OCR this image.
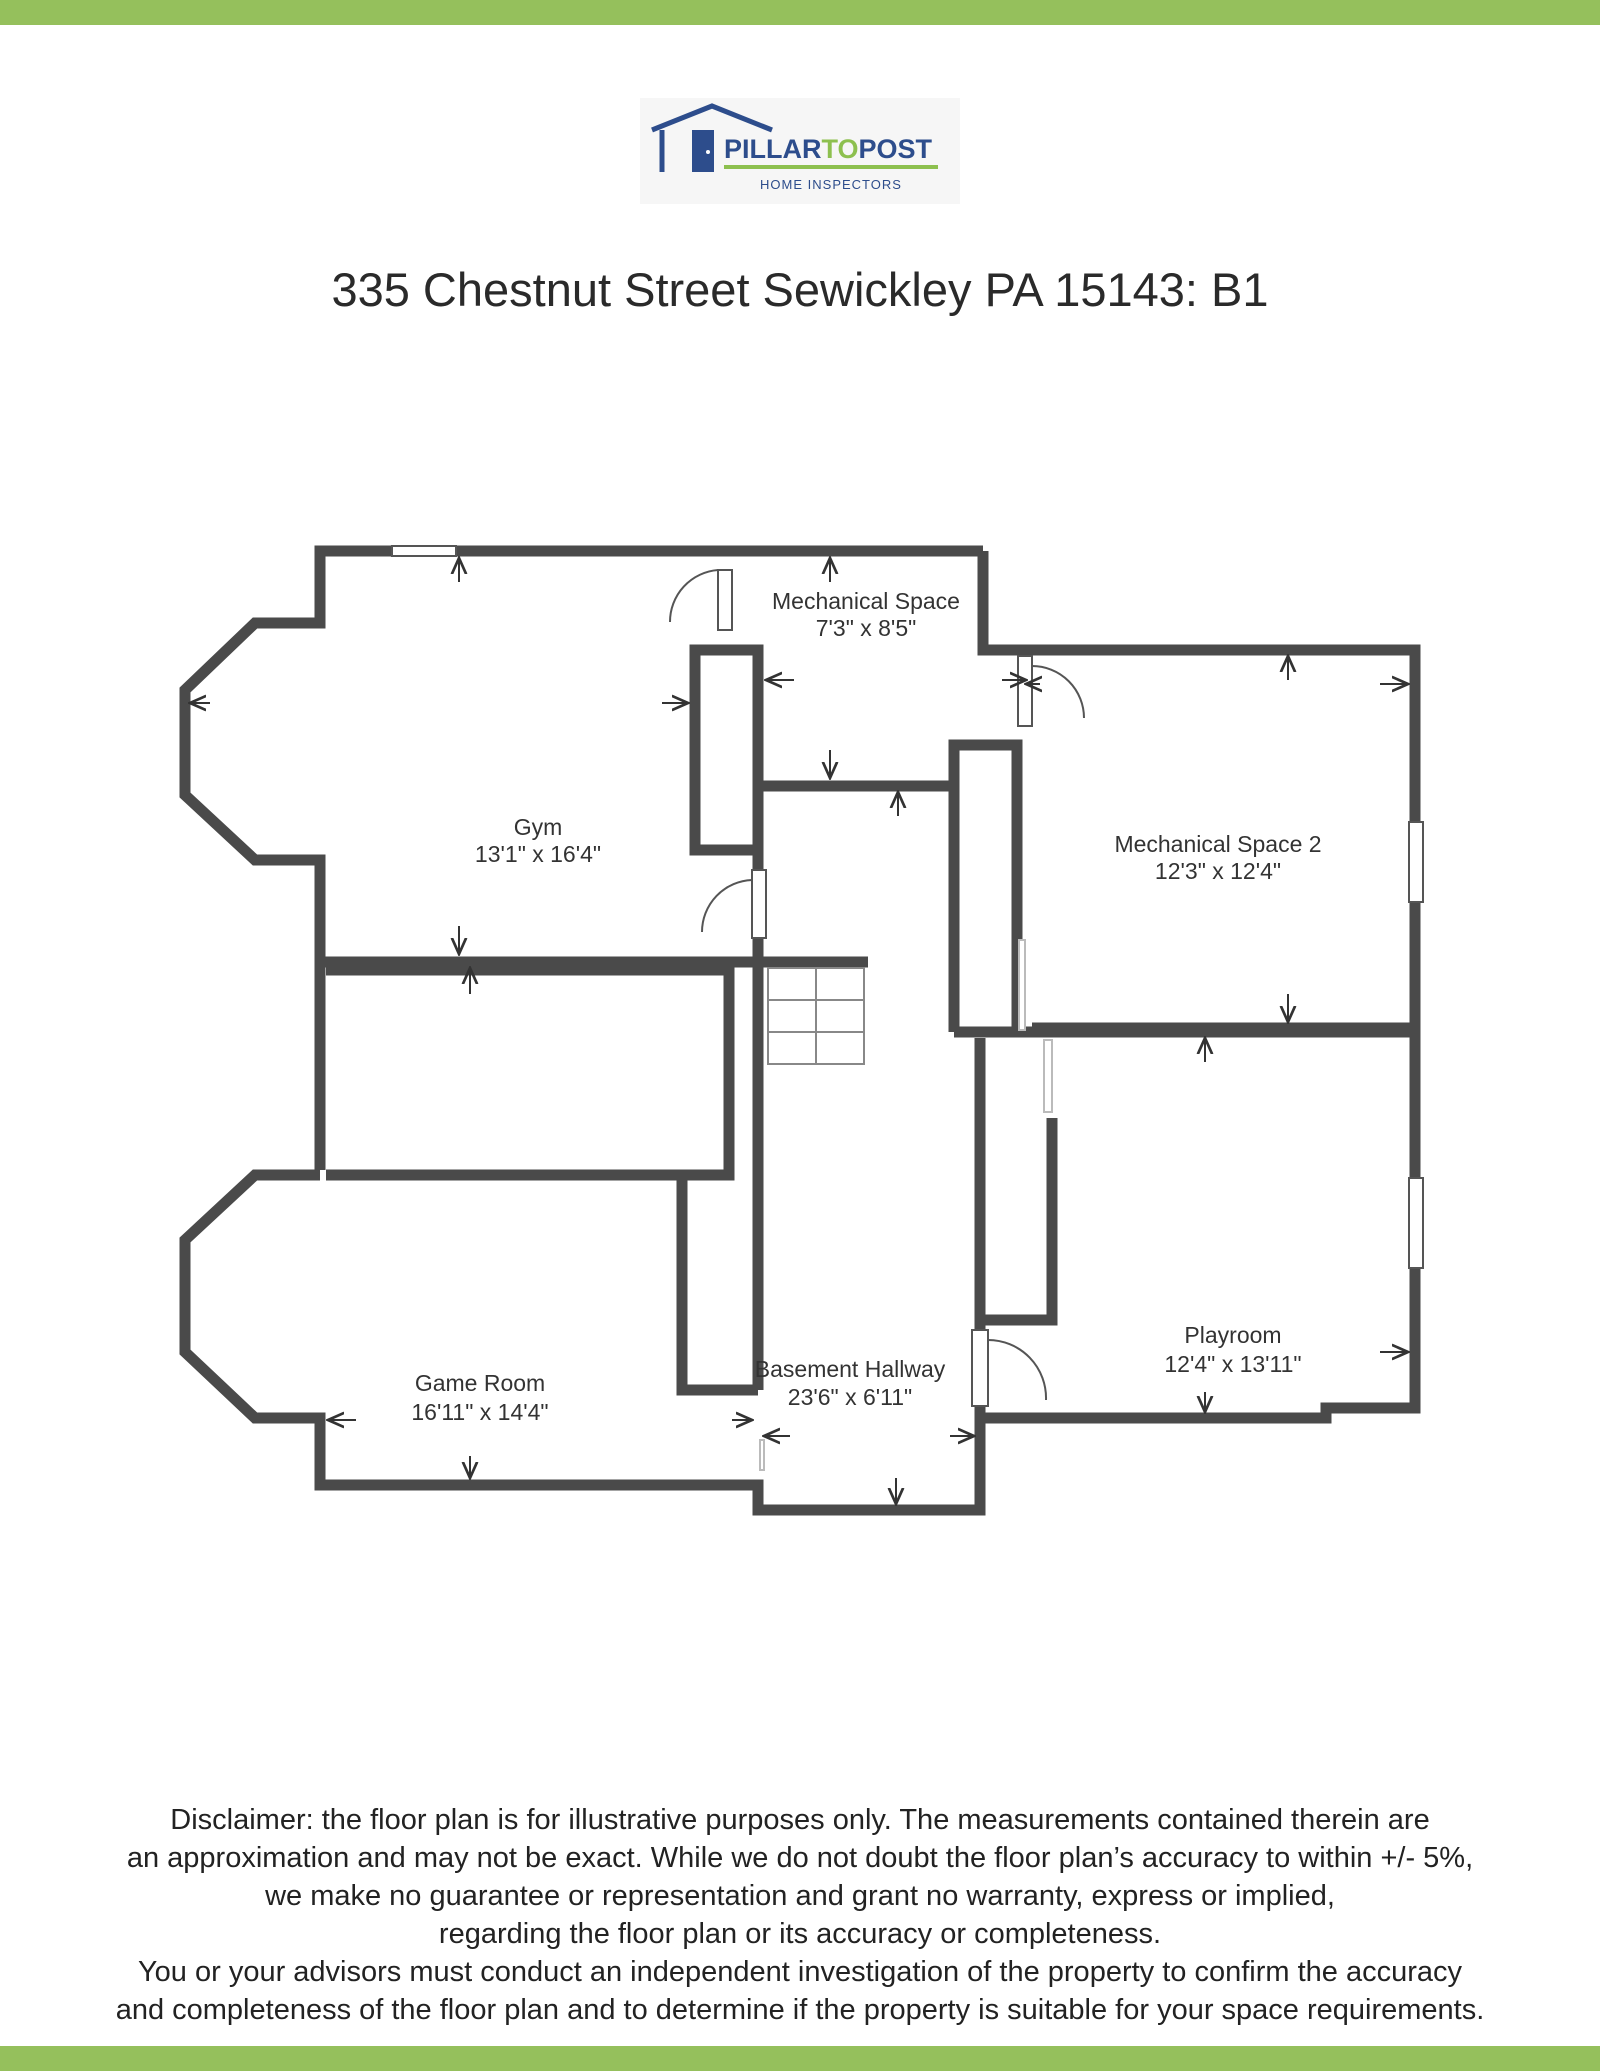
PILLARTOPOST
HOME INSPECTORS
335 Chestnut Street Sewickley PA 15143: B1
Gym
13'1" x 16'4"
Mechanical Space
7'3" x 8'5"
Mechanical Space 2
12'3" x 12'4"
Game Room
16'11" x 14'4"
Basement Hallway
23'6" x 6'11"
Playroom
12'4" x 13'11"
Disclaimer: the floor plan is for illustrative purposes only. The measurements contained therein are
an approximation and may not be exact. While we do not doubt the floor plan’s accuracy to within +/- 5%,
we make no guarantee or representation and grant no warranty, express or implied,
regarding the floor plan or its accuracy or completeness.
You or your advisors must conduct an independent investigation of the property to confirm the accuracy
and completeness of the floor plan and to determine if the property is suitable for your space requirements.
